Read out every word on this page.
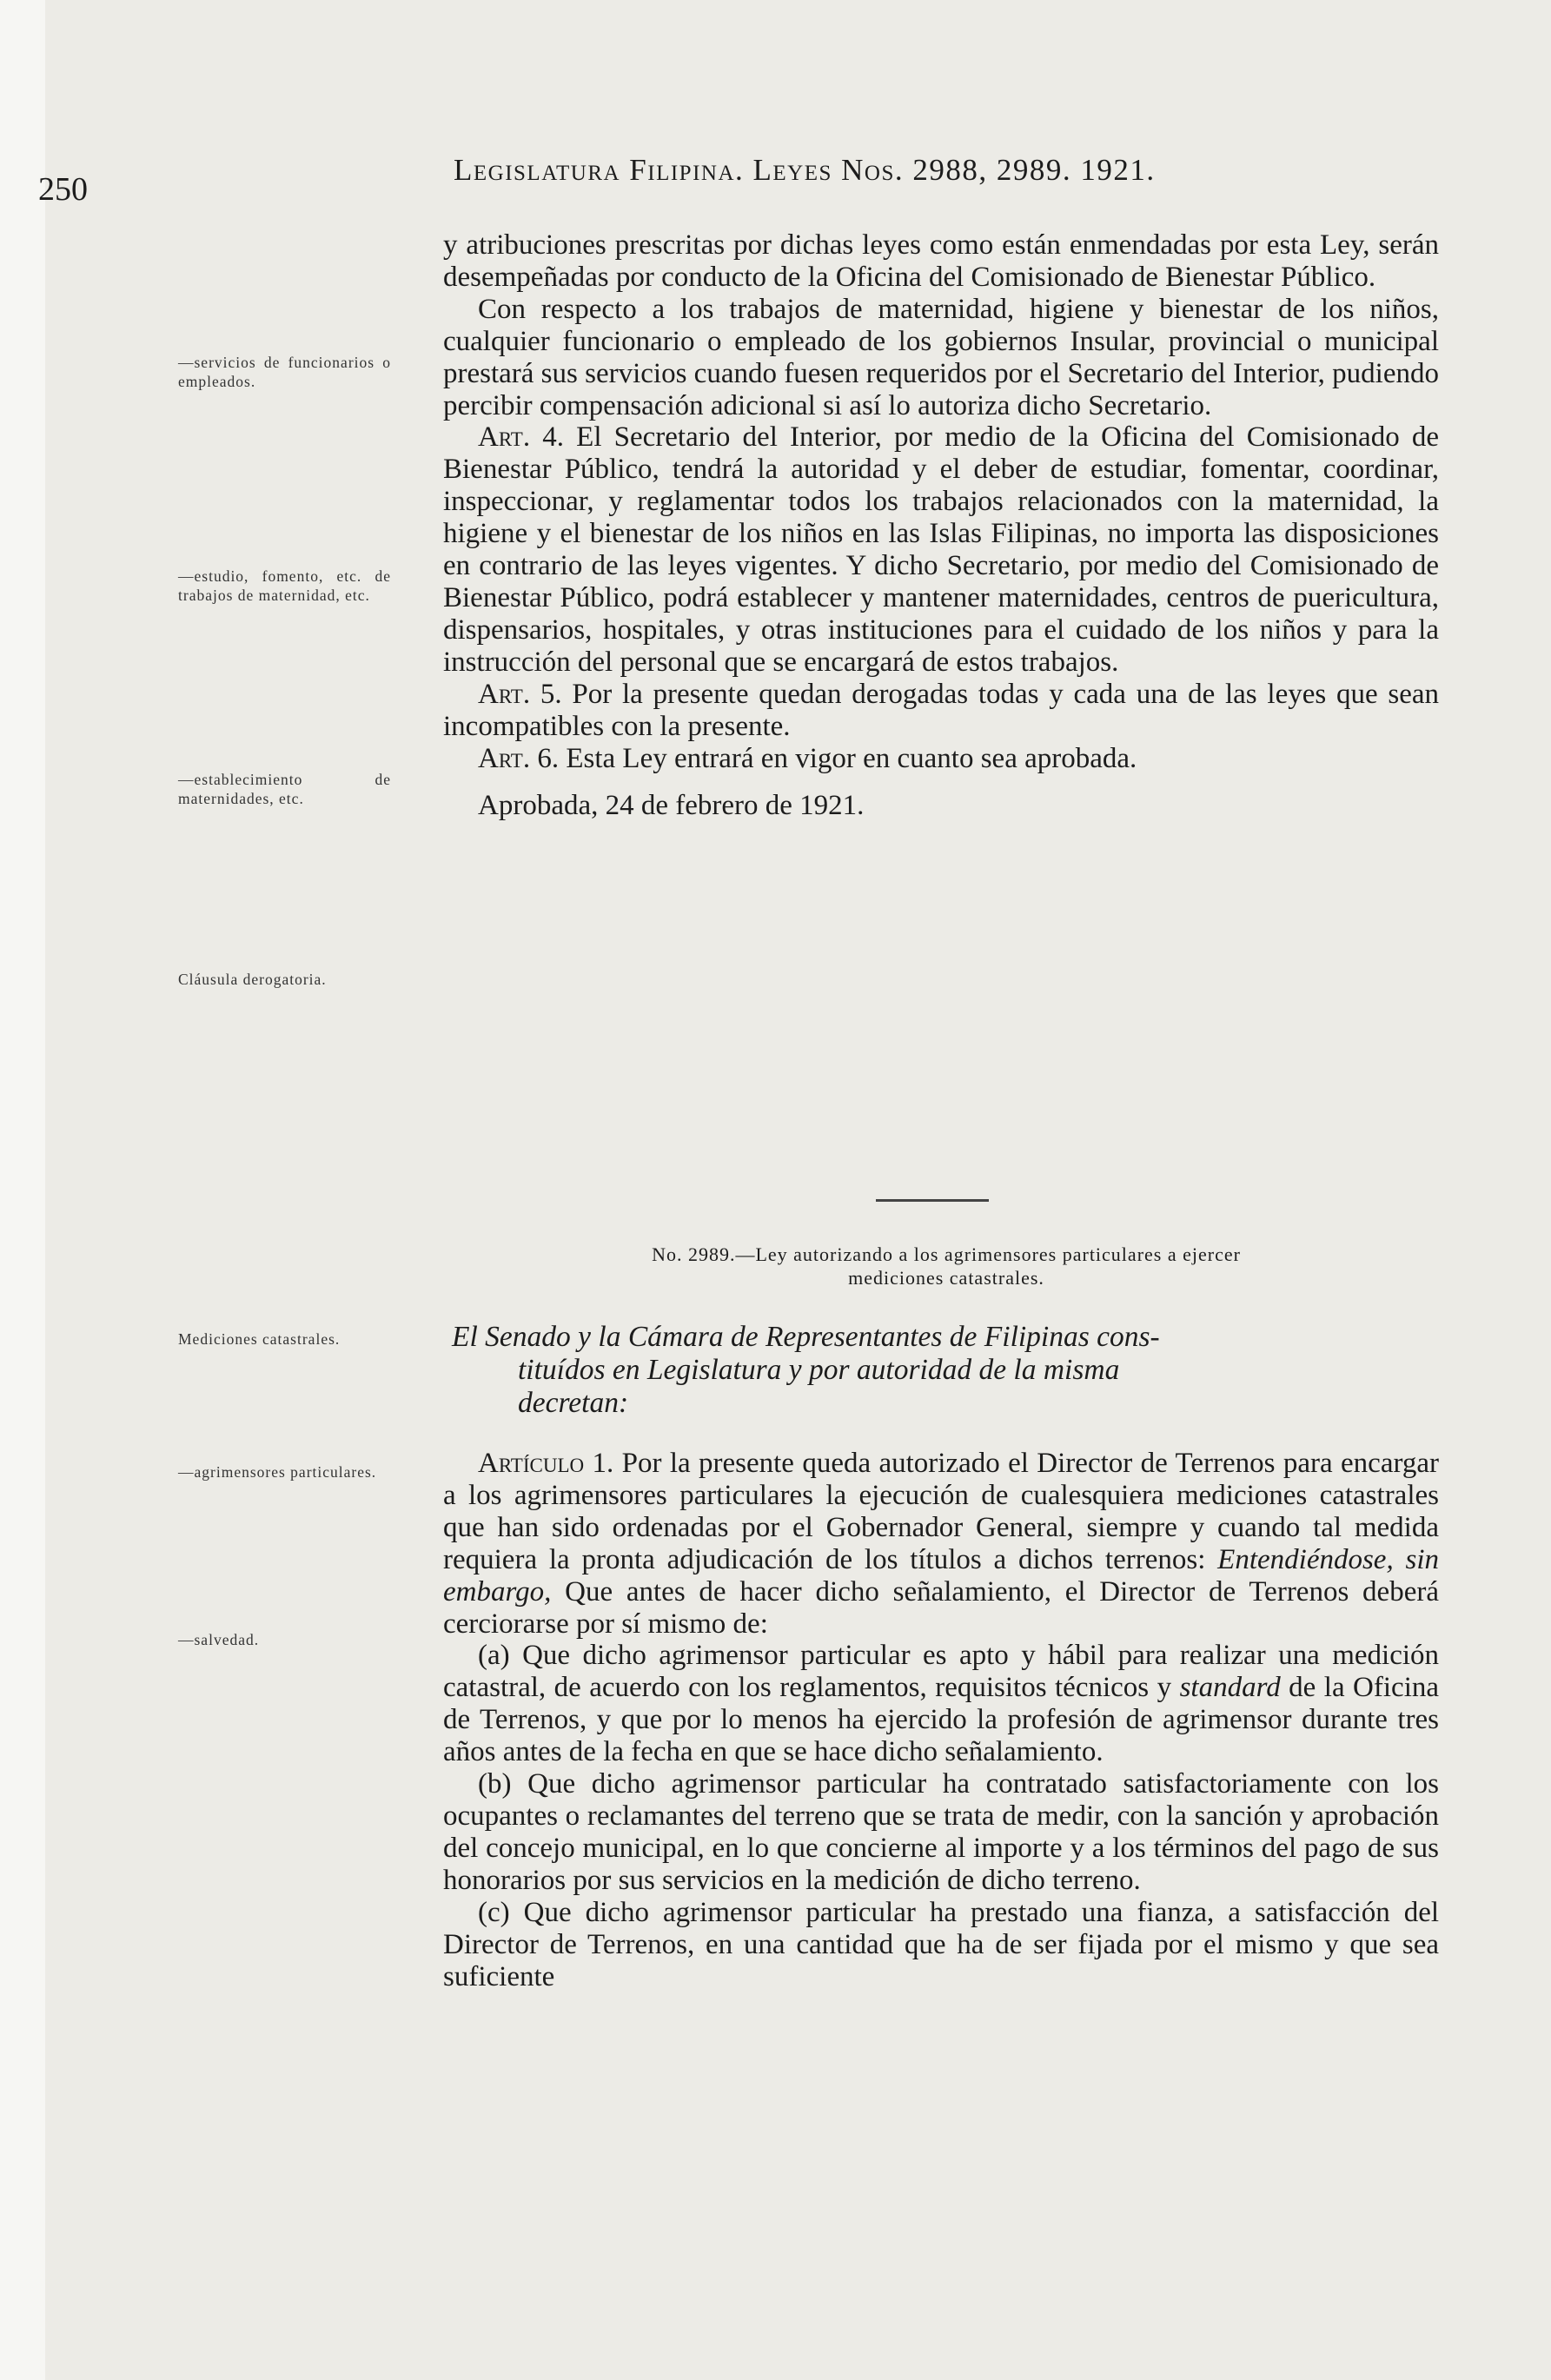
250
Legislatura Filipina. Leyes Nos. 2988, 2989. 1921.
—servicios de funcionarios o empleados.
—estudio, fomento, etc. de trabajos de maternidad, etc.
—establecimiento de maternidades, etc.
Cláusula derogatoria.
Mediciones catastrales.
—agrimensores particulares.
—salvedad.

y atribuciones prescritas por dichas leyes como están enmendadas por esta Ley, serán desempeñadas por conducto de la Oficina del Comisionado de Bienestar Público.

Con respecto a los trabajos de maternidad, higiene y bienestar de los niños, cualquier funcionario o empleado de los gobiernos Insular, provincial o municipal prestará sus servicios cuando fuesen requeridos por el Secretario del Interior, pudiendo percibir compensación adicional si así lo autoriza dicho Secretario.

Art. 4. El Secretario del Interior, por medio de la Oficina del Comisionado de Bienestar Público, tendrá la autoridad y el deber de estudiar, fomentar, coordinar, inspeccionar, y reglamentar todos los trabajos relacionados con la maternidad, la higiene y el bienestar de los niños en las Islas Filipinas, no importa las disposiciones en contrario de las leyes vigentes. Y dicho Secretario, por medio del Comisionado de Bienestar Público, podrá establecer y mantener maternidades, centros de puericultura, dispensarios, hospitales, y otras instituciones para el cuidado de los niños y para la instrucción del personal que se encargará de estos trabajos.

Art. 5. Por la presente quedan derogadas todas y cada una de las leyes que sean incompatibles con la presente.

Art. 6. Esta Ley entrará en vigor en cuanto sea aprobada.

Aprobada, 24 de febrero de 1921.

No. 2989.—Ley autorizando a los agrimensores particulares a ejercer
mediciones catastrales.
El Senado y la Cámara de Representantes de Filipinas cons-
tituídos en Legislatura y por autoridad de la misma
decretan:

Artículo 1. Por la presente queda autorizado el Director de Terrenos para encargar a los agrimensores particulares la ejecución de cualesquiera mediciones catastrales que han sido ordenadas por el Gobernador General, siempre y cuando tal medida requiera la pronta adjudicación de los títulos a dichos terrenos: Entendiéndose, sin embargo, Que antes de hacer dicho señalamiento, el Director de Terrenos deberá cerciorarse por sí mismo de:

(a) Que dicho agrimensor particular es apto y hábil para realizar una medición catastral, de acuerdo con los reglamentos, requisitos técnicos y standard de la Oficina de Terrenos, y que por lo menos ha ejercido la profesión de agrimensor durante tres años antes de la fecha en que se hace dicho señalamiento.

(b) Que dicho agrimensor particular ha contratado satisfactoriamente con los ocupantes o reclamantes del terreno que se trata de medir, con la sanción y aprobación del concejo municipal, en lo que concierne al importe y a los términos del pago de sus honorarios por sus servicios en la medición de dicho terreno.

(c) Que dicho agrimensor particular ha prestado una fianza, a satisfacción del Director de Terrenos, en una cantidad que ha de ser fijada por el mismo y que sea suficiente
